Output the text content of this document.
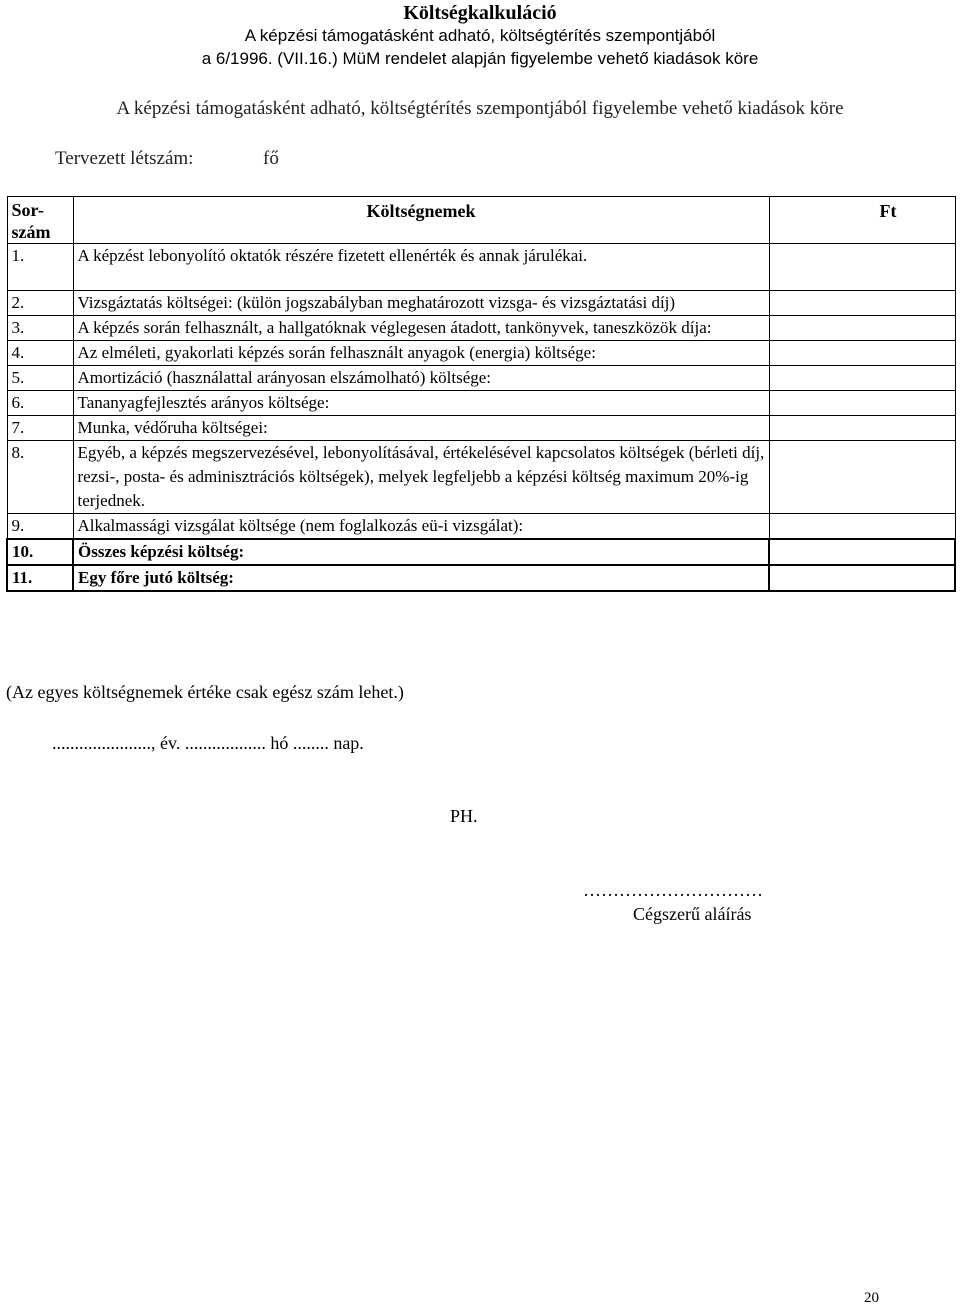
Költségkalkuláció
A képzési támogatásként adható, költségtérítés szempontjából
a 6/1996. (VII.16.) MüM rendelet alapján figyelembe vehető kiadások köre
A képzési támogatásként adható, költségtérítés szempontjából figyelembe vehető kiadások köre
Tervezett létszám:	fő
Sor-
szám	Költségnemek	Ft
1.	A képzést lebonyolító oktatók részére fizetett ellenérték és annak járulékai.	
2.	Vizsgáztatás költségei: (külön jogszabályban meghatározott vizsga- és vizsgáztatási díj)	
3.	A képzés során felhasznált, a hallgatóknak véglegesen átadott, tankönyvek, taneszközök díja:	
4.	Az elméleti, gyakorlati képzés során felhasznált anyagok (energia) költsége:	
5.	Amortizáció (használattal arányosan elszámolható) költsége:	
6.	Tananyagfejlesztés arányos költsége:	
7.	Munka, védőruha költségei:	
8.	Egyéb, a képzés megszervezésével, lebonyolításával, értékelésével kapcsolatos költségek (bérleti díj, rezsi-, posta- és adminisztrációs költségek), melyek legfeljebb a képzési költség maximum 20%-ig terjednek.	
9.	Alkalmassági vizsgálat költsége (nem foglalkozás eü-i vizsgálat):	
10.	Összes képzési költség:	
11.	Egy főre jutó költség:	
(Az egyes költségnemek értéke csak egész szám lehet.)
......................, év. .................. hó ........ nap.
PH.
…………………………
Cégszerű aláírás
20
